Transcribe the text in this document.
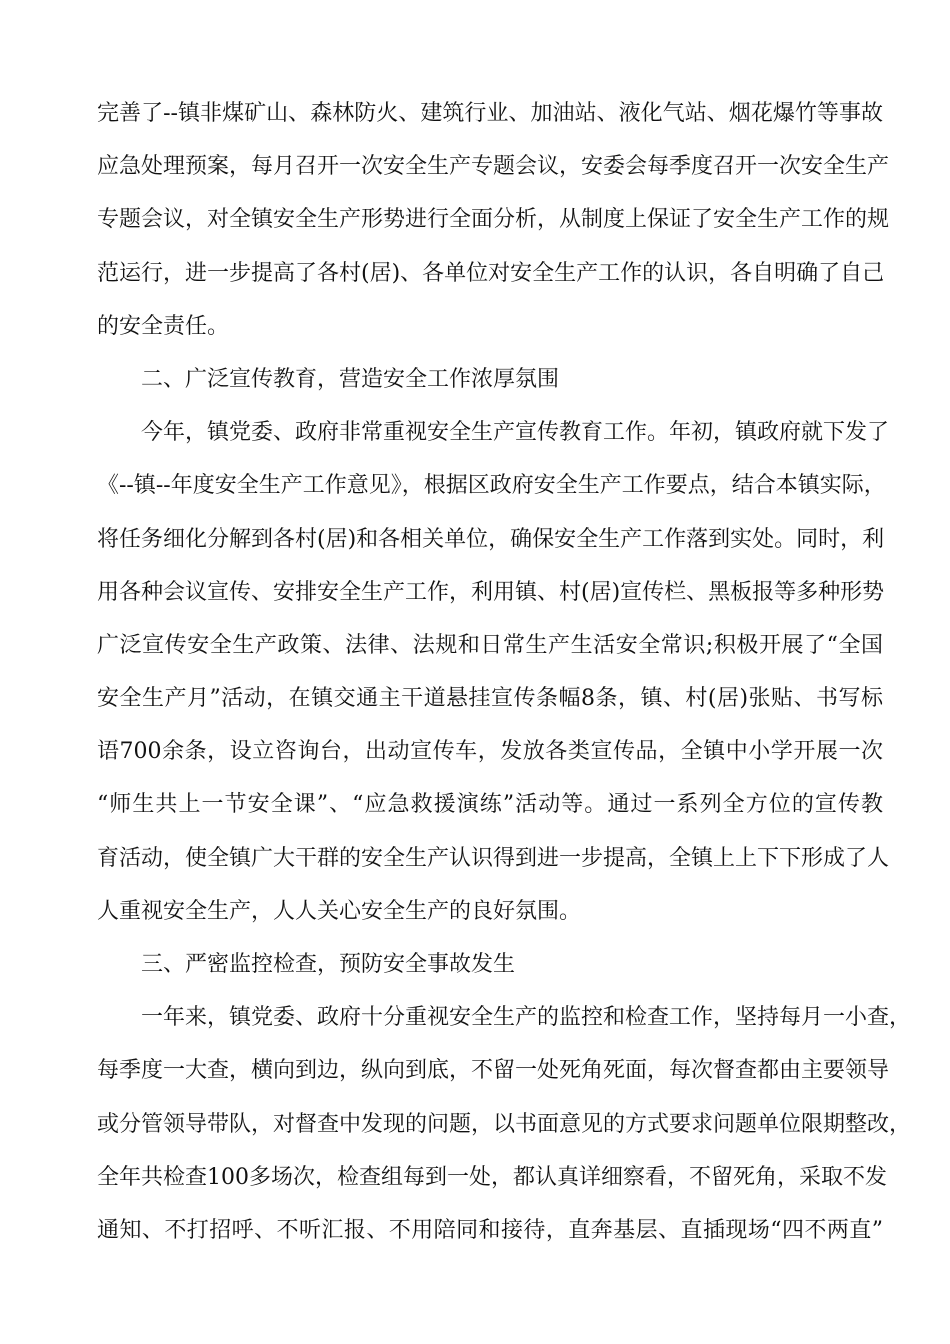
完善了--镇非煤矿山、森林防火、建筑行业、加油站、液化气站、烟花爆竹等事故
应急处理预案，每月召开一次安全生产专题会议，安委会每季度召开一次安全生产
专题会议，对全镇安全生产形势进行全面分析，从制度上保证了安全生产工作的规
范运行，进一步提高了各村(居)、各单位对安全生产工作的认识，各自明确了自己
的安全责任。
　　二、广泛宣传教育，营造安全工作浓厚氛围
　　今年，镇党委、政府非常重视安全生产宣传教育工作。年初，镇政府就下发了
《--镇--年度安全生产工作意见》，根据区政府安全生产工作要点，结合本镇实际，
将任务细化分解到各村(居)和各相关单位，确保安全生产工作落到实处。同时，利
用各种会议宣传、安排安全生产工作，利用镇、村(居)宣传栏、黑板报等多种形势
广泛宣传安全生产政策、法律、法规和日常生产生活安全常识;积极开展了“全国
安全生产月”活动，在镇交通主干道悬挂宣传条幅8条，镇、村(居)张贴、书写标
语700余条，设立咨询台，出动宣传车，发放各类宣传品，全镇中小学开展一次
“师生共上一节安全课”、“应急救援演练”活动等。通过一系列全方位的宣传教
育活动，使全镇广大干群的安全生产认识得到进一步提高，全镇上上下下形成了人
人重视安全生产，人人关心安全生产的良好氛围。
　　三、严密监控检查，预防安全事故发生
　　一年来，镇党委、政府十分重视安全生产的监控和检查工作，坚持每月一小查，
每季度一大查，横向到边，纵向到底，不留一处死角死面，每次督查都由主要领导
或分管领导带队，对督查中发现的问题，以书面意见的方式要求问题单位限期整改，
全年共检查100多场次，检查组每到一处，都认真详细察看，不留死角，采取不发
通知、不打招呼、不听汇报、不用陪同和接待，直奔基层、直插现场“四不两直”
